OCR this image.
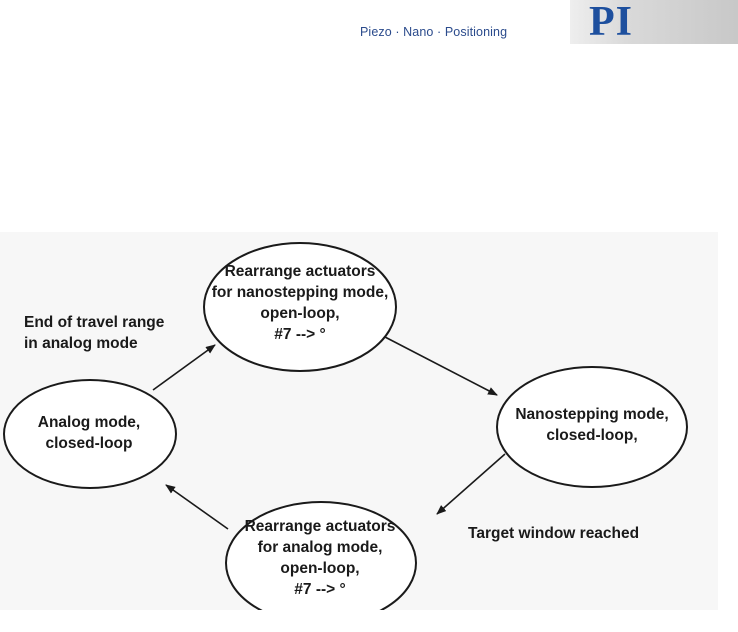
Piezo · Nano · Positioning PI
Rearrange actuators
for nanostepping mode,
open-loop,
#7 --> °
Nanostepping mode,
closed-loop,
Rearrange actuators
for analog mode,
open-loop,
#7 --> °
Analog mode,
closed-loop
End of travel range
in analog mode
Target window reached
